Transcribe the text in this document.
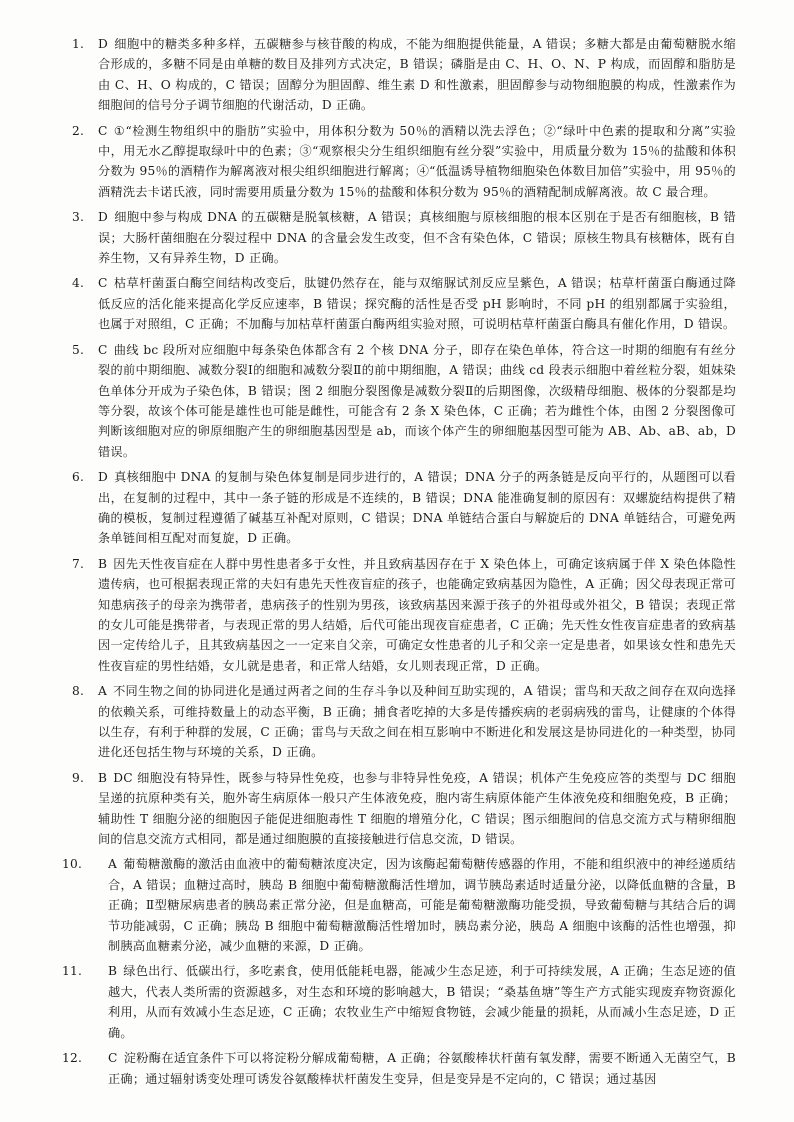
1.	D 细胞中的糖类多种多样，五碳糖参与核苷酸的构成，不能为细胞提供能量，A 错误；多糖大都是由葡萄糖脱水缩合形成的，多糖不同是由单糖的数目及排列方式决定，B 错误；磷脂是由 C、H、O、N、P 构成，而固醇和脂肪是由 C、H、O 构成的，C 错误；固醇分为胆固醇、维生素 D 和性激素，胆固醇参与动物细胞膜的构成，性激素作为细胞间的信号分子调节细胞的代谢活动，D 正确。
2.	C ①“检测生物组织中的脂肪”实验中，用体积分数为 50％的酒精以洗去浮色；②“绿叶中色素的提取和分离”实验中，用无水乙醇提取绿叶中的色素；③“观察根尖分生组织细胞有丝分裂”实验中，用质量分数为 15％的盐酸和体积分数为 95％的酒精作为解离液对根尖组织细胞进行解离；④“低温诱导植物细胞染色体数目加倍”实验中，用 95％的酒精洗去卡诺氏液，同时需要用质量分数为 15％的盐酸和体积分数为 95％的酒精配制成解离液。故 C 最合理。
3.	D 细胞中参与构成 DNA 的五碳糖是脱氧核糖，A 错误；真核细胞与原核细胞的根本区别在于是否有细胞核，B 错误；大肠杆菌细胞在分裂过程中 DNA 的含量会发生改变，但不含有染色体，C 错误；原核生物具有核糖体，既有自养生物，又有异养生物，D 正确。
4.	C 枯草杆菌蛋白酶空间结构改变后，肽键仍然存在，能与双缩脲试剂反应呈紫色，A 错误；枯草杆菌蛋白酶通过降低反应的活化能来提高化学反应速率，B 错误；探究酶的活性是否受 pH 影响时，不同 pH 的组别都属于实验组，也属于对照组，C 正确；不加酶与加枯草杆菌蛋白酶两组实验对照，可说明枯草杆菌蛋白酶具有催化作用，D 错误。
5.	C 曲线 bc 段所对应细胞中每条染色体都含有 2 个核 DNA 分子，即存在染色单体，符合这一时期的细胞有有丝分裂的前中期细胞、减数分裂Ⅰ的细胞和减数分裂Ⅱ的前中期细胞，A 错误；曲线 cd 段表示细胞中着丝粒分裂，姐妹染色单体分开成为子染色体，B 错误；图 2 细胞分裂图像是减数分裂Ⅱ的后期图像，次级精母细胞、极体的分裂都是均等分裂，故该个体可能是雄性也可能是雌性，可能含有 2 条 X 染色体，C 正确；若为雌性个体，由图 2 分裂图像可判断该细胞对应的卵原细胞产生的卵细胞基因型是 ab，而该个体产生的卵细胞基因型可能为 AB、Ab、aB、ab，D 错误。
6.	D 真核细胞中 DNA 的复制与染色体复制是同步进行的，A 错误；DNA 分子的两条链是反向平行的，从题图可以看出，在复制的过程中，其中一条子链的形成是不连续的，B 错误；DNA 能准确复制的原因有：双螺旋结构提供了精确的模板，复制过程遵循了碱基互补配对原则，C 错误；DNA 单链结合蛋白与解旋后的 DNA 单链结合，可避免两条单链间相互配对而复旋，D 正确。
7.	B 因先天性夜盲症在人群中男性患者多于女性，并且致病基因存在于 X 染色体上，可确定该病属于伴 X 染色体隐性遗传病，也可根据表现正常的夫妇有患先天性夜盲症的孩子，也能确定致病基因为隐性，A 正确；因父母表现正常可知患病孩子的母亲为携带者，患病孩子的性别为男孩，该致病基因来源于孩子的外祖母或外祖父，B 错误；表现正常的女儿可能是携带者，与表现正常的男人结婚，后代可能出现夜盲症患者，C 正确；先天性女性夜盲症患者的致病基因一定传给儿子，且其致病基因之一一定来自父亲，可确定女性患者的儿子和父亲一定是患者，如果该女性和患先天性夜盲症的男性结婚，女儿就是患者，和正常人结婚，女儿则表现正常，D 正确。
8.	A 不同生物之间的协同进化是通过两者之间的生存斗争以及种间互助实现的，A 错误；雷鸟和天敌之间存在双向选择的依赖关系，可维持数量上的动态平衡，B 正确；捕食者吃掉的大多是传播疾病的老弱病残的雷鸟，让健康的个体得以生存，有利于种群的发展，C 正确；雷鸟与天敌之间在相互影响中不断进化和发展这是协同进化的一种类型，协同进化还包括生物与环境的关系，D 正确。
9.	B DC 细胞没有特异性，既参与特异性免疫，也参与非特异性免疫，A 错误；机体产生免疫应答的类型与 DC 细胞呈递的抗原种类有关，胞外寄生病原体一般只产生体液免疫，胞内寄生病原体能产生体液免疫和细胞免疫，B 正确；辅助性 T 细胞分泌的细胞因子能促进细胞毒性 T 细胞的增殖分化，C 错误；图示细胞间的信息交流方式与精卵细胞间的信息交流方式相同，都是通过细胞膜的直接接触进行信息交流，D 错误。
10.	A 葡萄糖激酶的激活由血液中的葡萄糖浓度决定，因为该酶起葡萄糖传感器的作用，不能和组织液中的神经递质结合，A 错误；血糖过高时，胰岛 B 细胞中葡萄糖激酶活性增加，调节胰岛素适时适量分泌，以降低血糖的含量，B 正确；Ⅱ型糖尿病患者的胰岛素正常分泌，但是血糖高，可能是葡萄糖激酶功能受损，导致葡萄糖与其结合后的调节功能减弱，C 正确；胰岛 B 细胞中葡萄糖激酶活性增加时，胰岛素分泌，胰岛 A 细胞中该酶的活性也增强，抑制胰高血糖素分泌，减少血糖的来源，D 正确。
11.	B 绿色出行、低碳出行，多吃素食，使用低能耗电器，能减少生态足迹，利于可持续发展，A 正确；生态足迹的值越大，代表人类所需的资源越多，对生态和环境的影响越大，B 错误；“桑基鱼塘”等生产方式能实现废弃物资源化利用，从而有效减小生态足迹，C 正确；农牧业生产中缩短食物链，会减少能量的损耗，从而减小生态足迹，D 正确。
12.	C 淀粉酶在适宜条件下可以将淀粉分解成葡萄糖，A 正确；谷氨酸棒状杆菌有氧发酵，需要不断通入无菌空气，B 正确；通过辐射诱变处理可诱发谷氨酸棒状杆菌发生变异，但是变异是不定向的，C 错误；通过基因
